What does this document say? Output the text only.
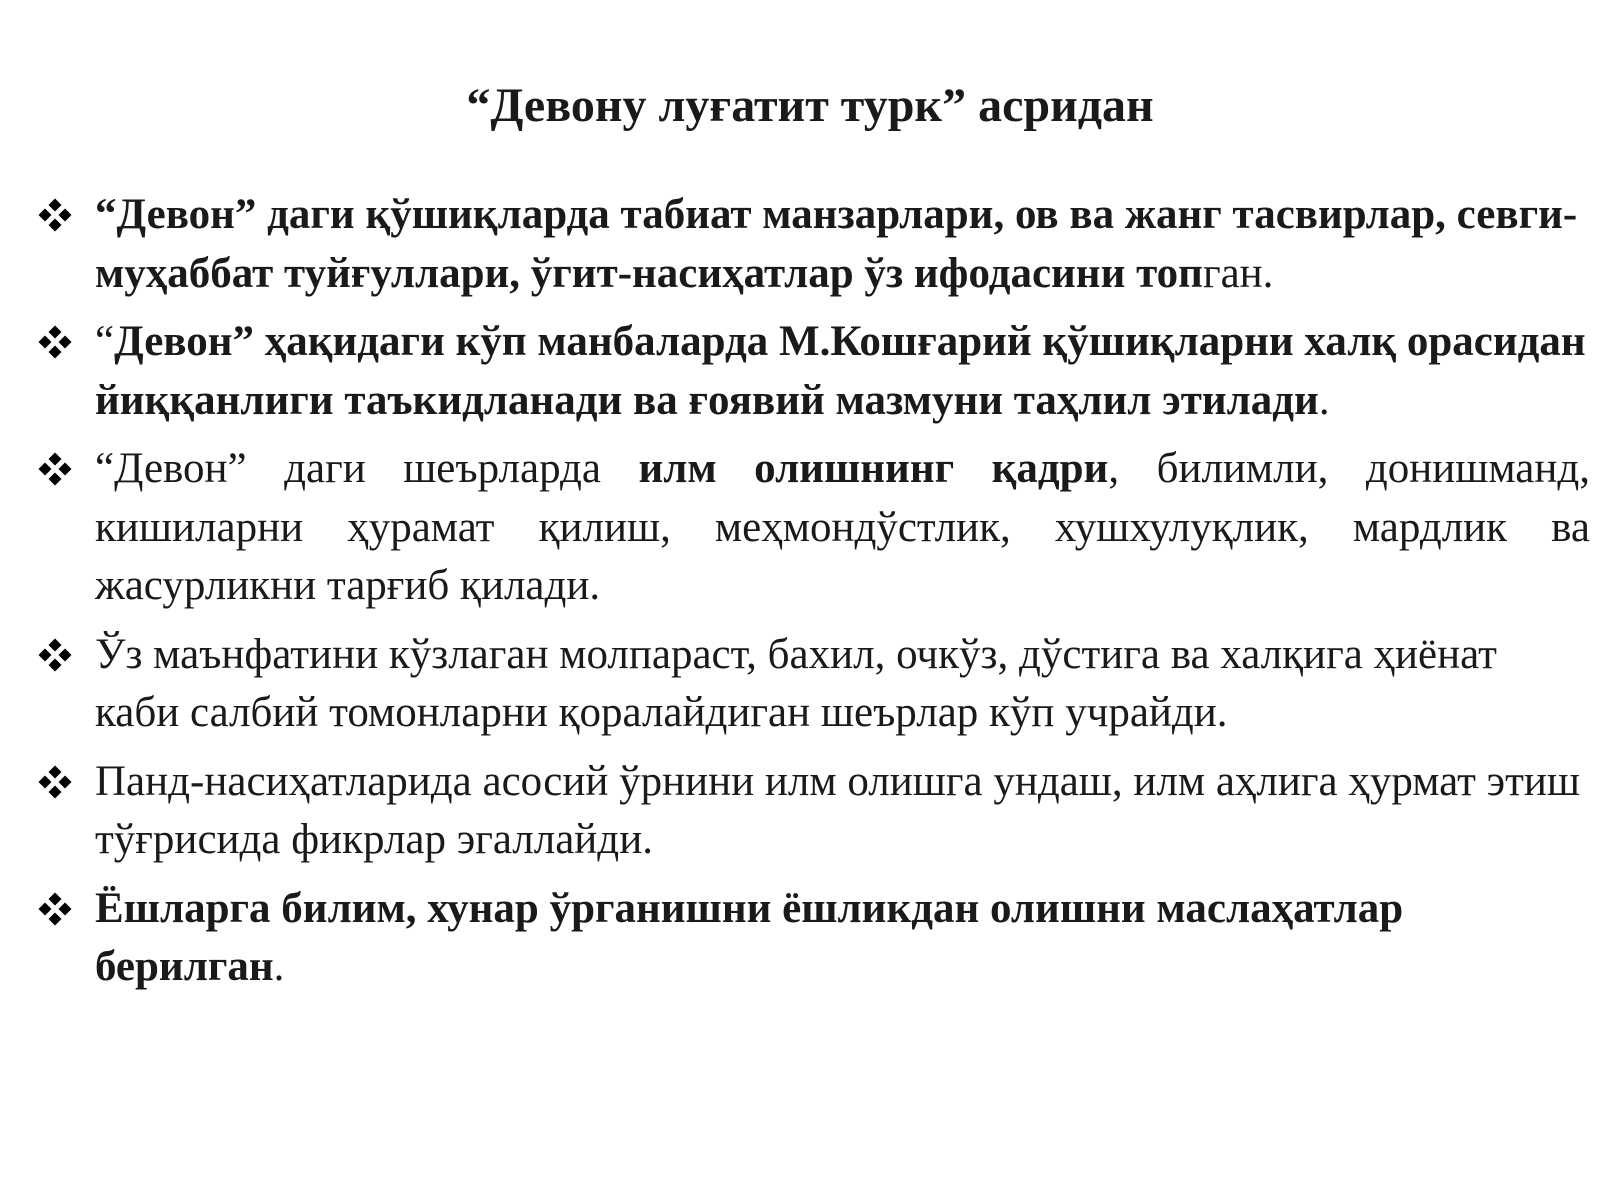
“Девону луғатит турк” асридан
“Девон” даги қўшиқларда табиат манзарлари, ов ва жанг тасвирлар, севги-муҳаббат туйғуллари, ўгит-насиҳатлар ўз ифодасини топган.
“Девон” ҳақидаги кўп манбаларда М.Кошғарий қўшиқларни халқ орасидан йиққанлиги таъкидланади ва ғоявий мазмуни таҳлил этилади.
“Девон” даги шеърларда илм олишнинг қадри, билимли, донишманд, кишиларни ҳурамат қилиш, меҳмондўстлик, хушхулуқлик, мардлик ва жасурликни тарғиб қилади.
Ўз маънфатини кўзлаган молпараст, бахил, очкўз, дўстига ва халқига ҳиёнат каби салбий томонларни қоралайдиган шеърлар кўп учрайди.
Панд-насиҳатларида асосий ўрнини илм олишга ундаш, илм аҳлига ҳурмат этиш тўғрисида фикрлар эгаллайди.
Ёшларга билим, хунар ўрганишни ёшликдан олишни маслаҳатлар берилган.
